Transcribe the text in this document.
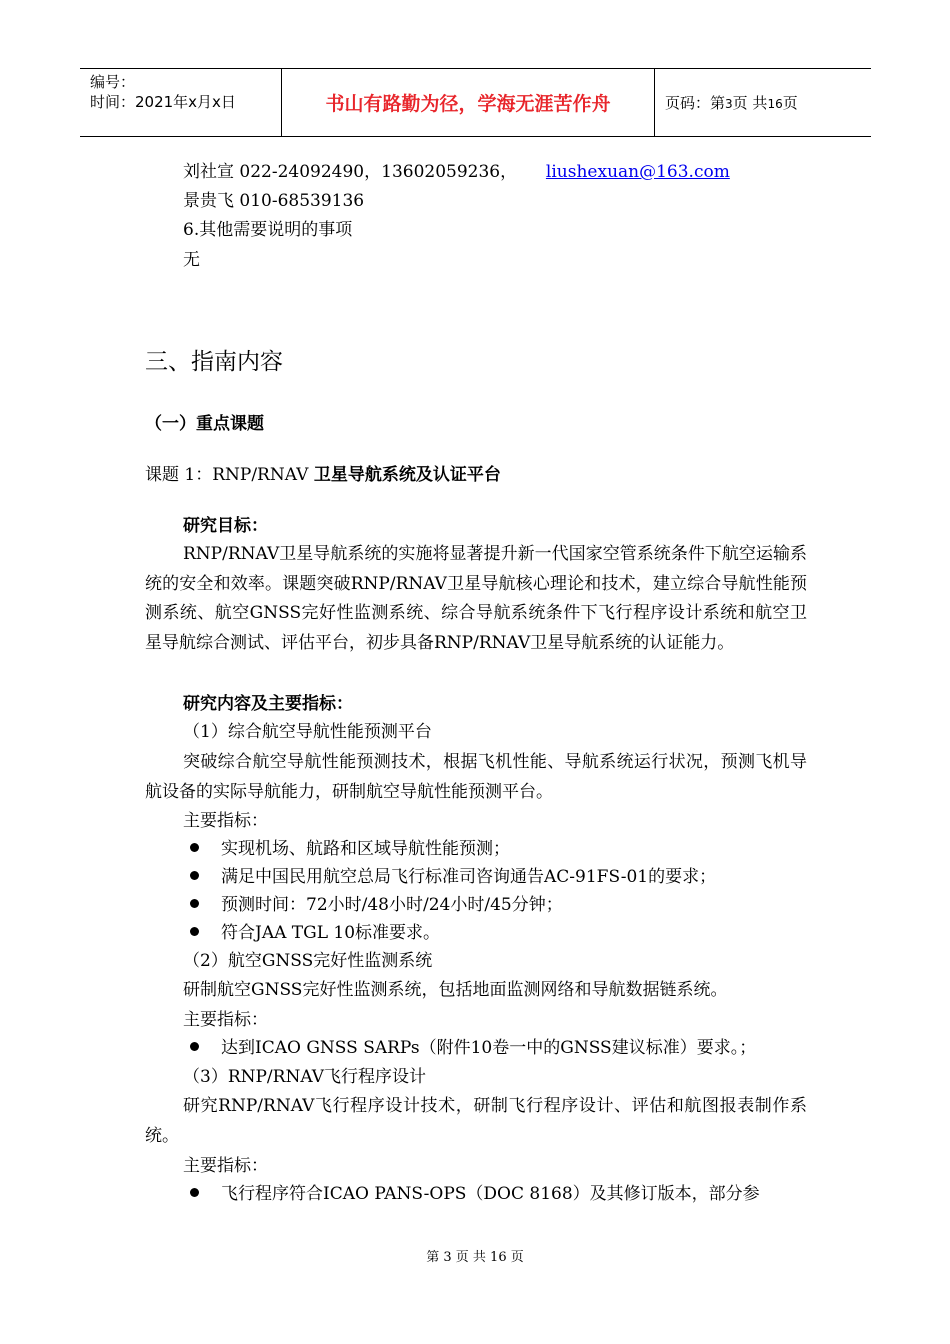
编号：
时间：2021年x月x日	书山有路勤为径，学海无涯苦作舟	页码：第3页 共16页
刘社宣 022-24092490，13602059236， liushexuan@163.com
景贵飞 010-68539136
6.其他需要说明的事项
无
三、指南内容
（一）重点课题
课题 1：RNP/RNAV 卫星导航系统及认证平台
研究目标：
RNP/RNAV卫星导航系统的实施将显著提升新一代国家空管系统条件下航空运输系统的安全和效率。课题突破RNP/RNAV卫星导航核心理论和技术，建立综合导航性能预测系统、航空GNSS完好性监测系统、综合导航系统条件下飞行程序设计系统和航空卫星导航综合测试、评估平台，初步具备RNP/RNAV卫星导航系统的认证能力。
研究内容及主要指标：
（1）综合航空导航性能预测平台
突破综合航空导航性能预测技术，根据飞机性能、导航系统运行状况，预测飞机导航设备的实际导航能力，研制航空导航性能预测平台。
主要指标：
实现机场、航路和区域导航性能预测；
满足中国民用航空总局飞行标准司咨询通告AC-91FS-01的要求；
预测时间：72小时/48小时/24小时/45分钟；
符合JAA TGL 10标准要求。
（2）航空GNSS完好性监测系统
研制航空GNSS完好性监测系统，包括地面监测网络和导航数据链系统。
主要指标：
达到ICAO GNSS SARPs（附件10卷一中的GNSS建议标准）要求。；
（3）RNP/RNAV飞行程序设计
研究RNP/RNAV飞行程序设计技术，研制飞行程序设计、评估和航图报表制作系统。
主要指标：
飞行程序符合ICAO PANS-OPS（DOC 8168）及其修订版本，部分参
第 3 页 共 16 页
